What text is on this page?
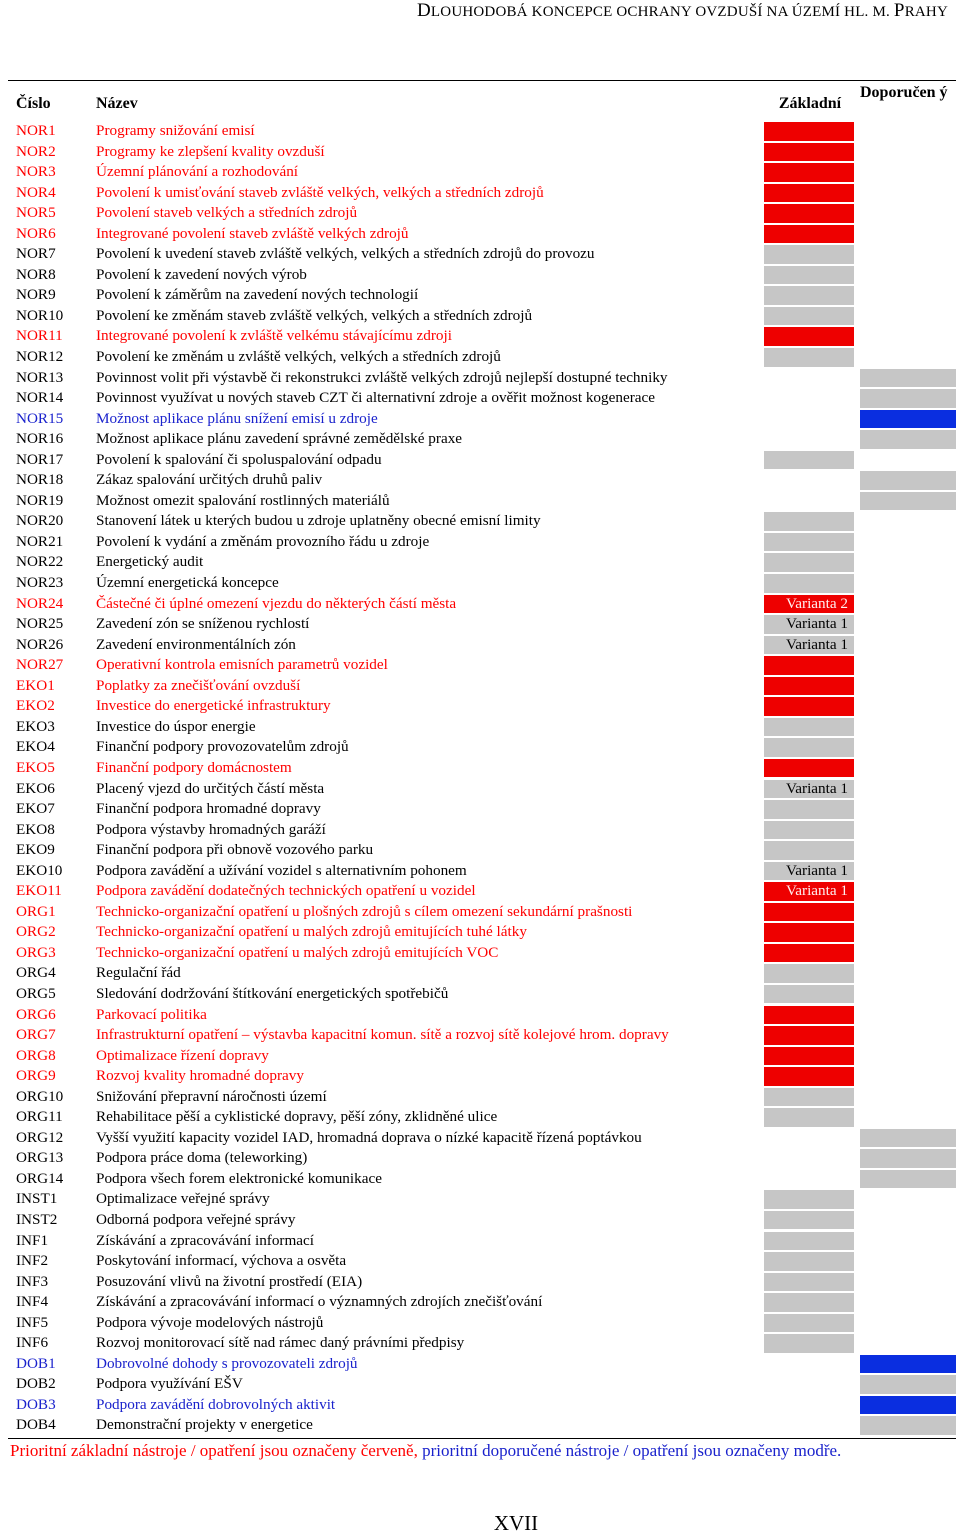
DLOUHODOBÁ KONCEPCE OCHRANY OVZDUŠÍ NA ÚZEMÍ HL. M. PRAHY
Číslo	Název	Základní
Doporučen ý
NOR1	Programy snižování emisí
NOR2	Programy ke zlepšení kvality ovzduší
NOR3	Územní plánování a rozhodování
NOR4	Povolení k umisťování staveb zvláště velkých, velkých a středních zdrojů
NOR5	Povolení staveb velkých a středních zdrojů
NOR6	Integrované povolení staveb zvláště velkých zdrojů
NOR7	Povolení k uvedení staveb zvláště velkých, velkých a středních zdrojů do provozu
NOR8	Povolení k zavedení nových výrob
NOR9	Povolení k záměrům na zavedení nových technologií
NOR10 Povolení ke změnám staveb zvláště velkých, velkých a středních zdrojů
NOR11 Integrované povolení k zvláště velkému stávajícímu zdroji
NOR12 Povolení ke změnám u zvláště velkých, velkých a středních zdrojů
NOR13 Povinnost volit při výstavbě či rekonstrukci zvláště velkých zdrojů nejlepší dostupné techniky
NOR14 Povinnost využívat u nových staveb CZT či alternativní zdroje a ověřit možnost kogenerace
NOR15 Možnost aplikace plánu snížení emisí u zdroje
NOR16 Možnost aplikace plánu zavedení správné zemědělské praxe
NOR17 Povolení k spalování či spoluspalování odpadu
NOR18 Zákaz spalování určitých druhů paliv
NOR19 Možnost omezit spalování rostlinných materiálů
NOR20 Stanovení látek u kterých budou u zdroje uplatněny obecné emisní limity
NOR21 Povolení k vydání a změnám provozního řádu u zdroje
NOR22 Energetický audit
NOR23 Územní energetická koncepce
NOR24 Částečné či úplné omezení vjezdu do některých částí města	Varianta 2
NOR25 Zavedení zón se sníženou rychlostí	Varianta 1
NOR26 Zavedení environmentálních zón	Varianta 1
NOR27 Operativní kontrola emisních parametrů vozidel
EKO1	Poplatky za znečišťování ovzduší
EKO2	Investice do energetické infrastruktury
EKO3	Investice do úspor energie
EKO4	Finanční podpory provozovatelům zdrojů
EKO5	Finanční podpory domácnostem
EKO6	Placený vjezd do určitých částí města	Varianta 1
EKO7	Finanční podpora hromadné dopravy
EKO8	Podpora výstavby hromadných garáží
EKO9	Finanční podpora při obnově vozového parku
EKO10 Podpora zavádění a užívání vozidel s alternativním pohonem	Varianta 1
EKO11 Podpora zavádění dodatečných technických opatření u vozidel	Varianta 1
ORG1	Technicko-organizační opatření u plošných zdrojů s cílem omezení sekundární prašnosti
ORG2	Technicko-organizační opatření u malých zdrojů emitujících tuhé látky
ORG3	Technicko-organizační opatření u malých zdrojů emitujících VOC
ORG4	Regulační řád
ORG5	Sledování dodržování štítkování energetických spotřebičů
ORG6	Parkovací politika
ORG7	Infrastrukturní opatření – výstavba kapacitní komun. sítě a rozvoj sítě kolejové hrom. dopravy
ORG8	Optimalizace řízení dopravy
ORG9	Rozvoj kvality hromadné dopravy
ORG10 Snižování přepravní náročnosti území
ORG11 Rehabilitace pěší a cyklistické dopravy, pěší zóny, zklidněné ulice
ORG12 Vyšší využití kapacity vozidel IAD, hromadná doprava o nízké kapacitě řízená poptávkou
ORG13 Podpora práce doma (teleworking)
ORG14 Podpora všech forem elektronické komunikace
INST1	Optimalizace veřejné správy
INST2	Odborná podpora veřejné správy
INF1	Získávání a zpracovávání informací
INF2	Poskytování informací, výchova a osvěta
INF3	Posuzování vlivů na životní prostředí (EIA)
INF4	Získávání a zpracovávání informací o významných zdrojích znečišťování
INF5	Podpora vývoje modelových nástrojů
INF6	Rozvoj monitorovací sítě nad rámec daný právními předpisy
DOB1	Dobrovolné dohody s provozovateli zdrojů
DOB2	Podpora využívání EŠV
DOB3	Podpora zavádění dobrovolných aktivit
DOB4	Demonstrační projekty v energetice
Prioritní základní nástroje / opatření jsou označeny červeně, prioritní doporučené nástroje / opatření jsou označeny modře.
XVII
